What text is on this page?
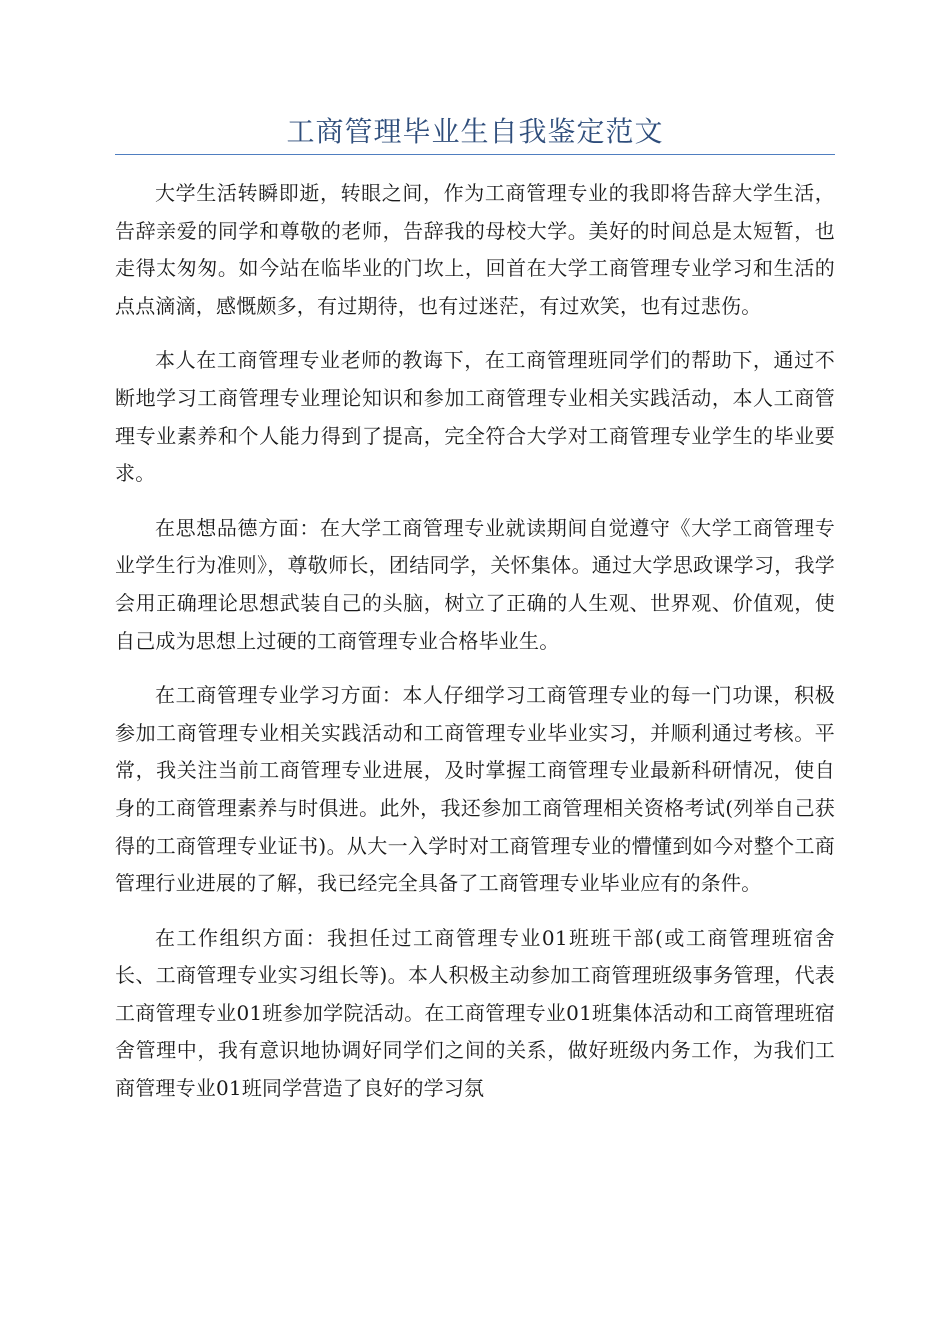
工商管理毕业生自我鉴定范文

大学生活转瞬即逝，转眼之间，作为工商管理专业的我即将告辞大学生活，告辞亲爱的同学和尊敬的老师，告辞我的母校大学。美好的时间总是太短暂，也走得太匆匆。如今站在临毕业的门坎上，回首在大学工商管理专业学习和生活的点点滴滴，感慨颇多，有过期待，也有过迷茫，有过欢笑，也有过悲伤。

本人在工商管理专业老师的教诲下，在工商管理班同学们的帮助下，通过不断地学习工商管理专业理论知识和参加工商管理专业相关实践活动，本人工商管理专业素养和个人能力得到了提高，完全符合大学对工商管理专业学生的毕业要求。

在思想品德方面：在大学工商管理专业就读期间自觉遵守《大学工商管理专业学生行为准则》，尊敬师长，团结同学，关怀集体。通过大学思政课学习，我学会用正确理论思想武装自己的头脑，树立了正确的人生观、世界观、价值观，使自己成为思想上过硬的工商管理专业合格毕业生。

在工商管理专业学习方面：本人仔细学习工商管理专业的每一门功课，积极参加工商管理专业相关实践活动和工商管理专业毕业实习，并顺利通过考核。平常，我关注当前工商管理专业进展，及时掌握工商管理专业最新科研情况，使自身的工商管理素养与时俱进。此外，我还参加工商管理相关资格考试(列举自己获得的工商管理专业证书)。从大一入学时对工商管理专业的懵懂到如今对整个工商管理行业进展的了解，我已经完全具备了工商管理专业毕业应有的条件。

在工作组织方面：我担任过工商管理专业01班班干部(或工商管理班宿舍长、工商管理专业实习组长等)。本人积极主动参加工商管理班级事务管理，代表工商管理专业01班参加学院活动。在工商管理专业01班集体活动和工商管理班宿舍管理中，我有意识地协调好同学们之间的关系，做好班级内务工作，为我们工商管理专业01班同学营造了良好的学习氛
